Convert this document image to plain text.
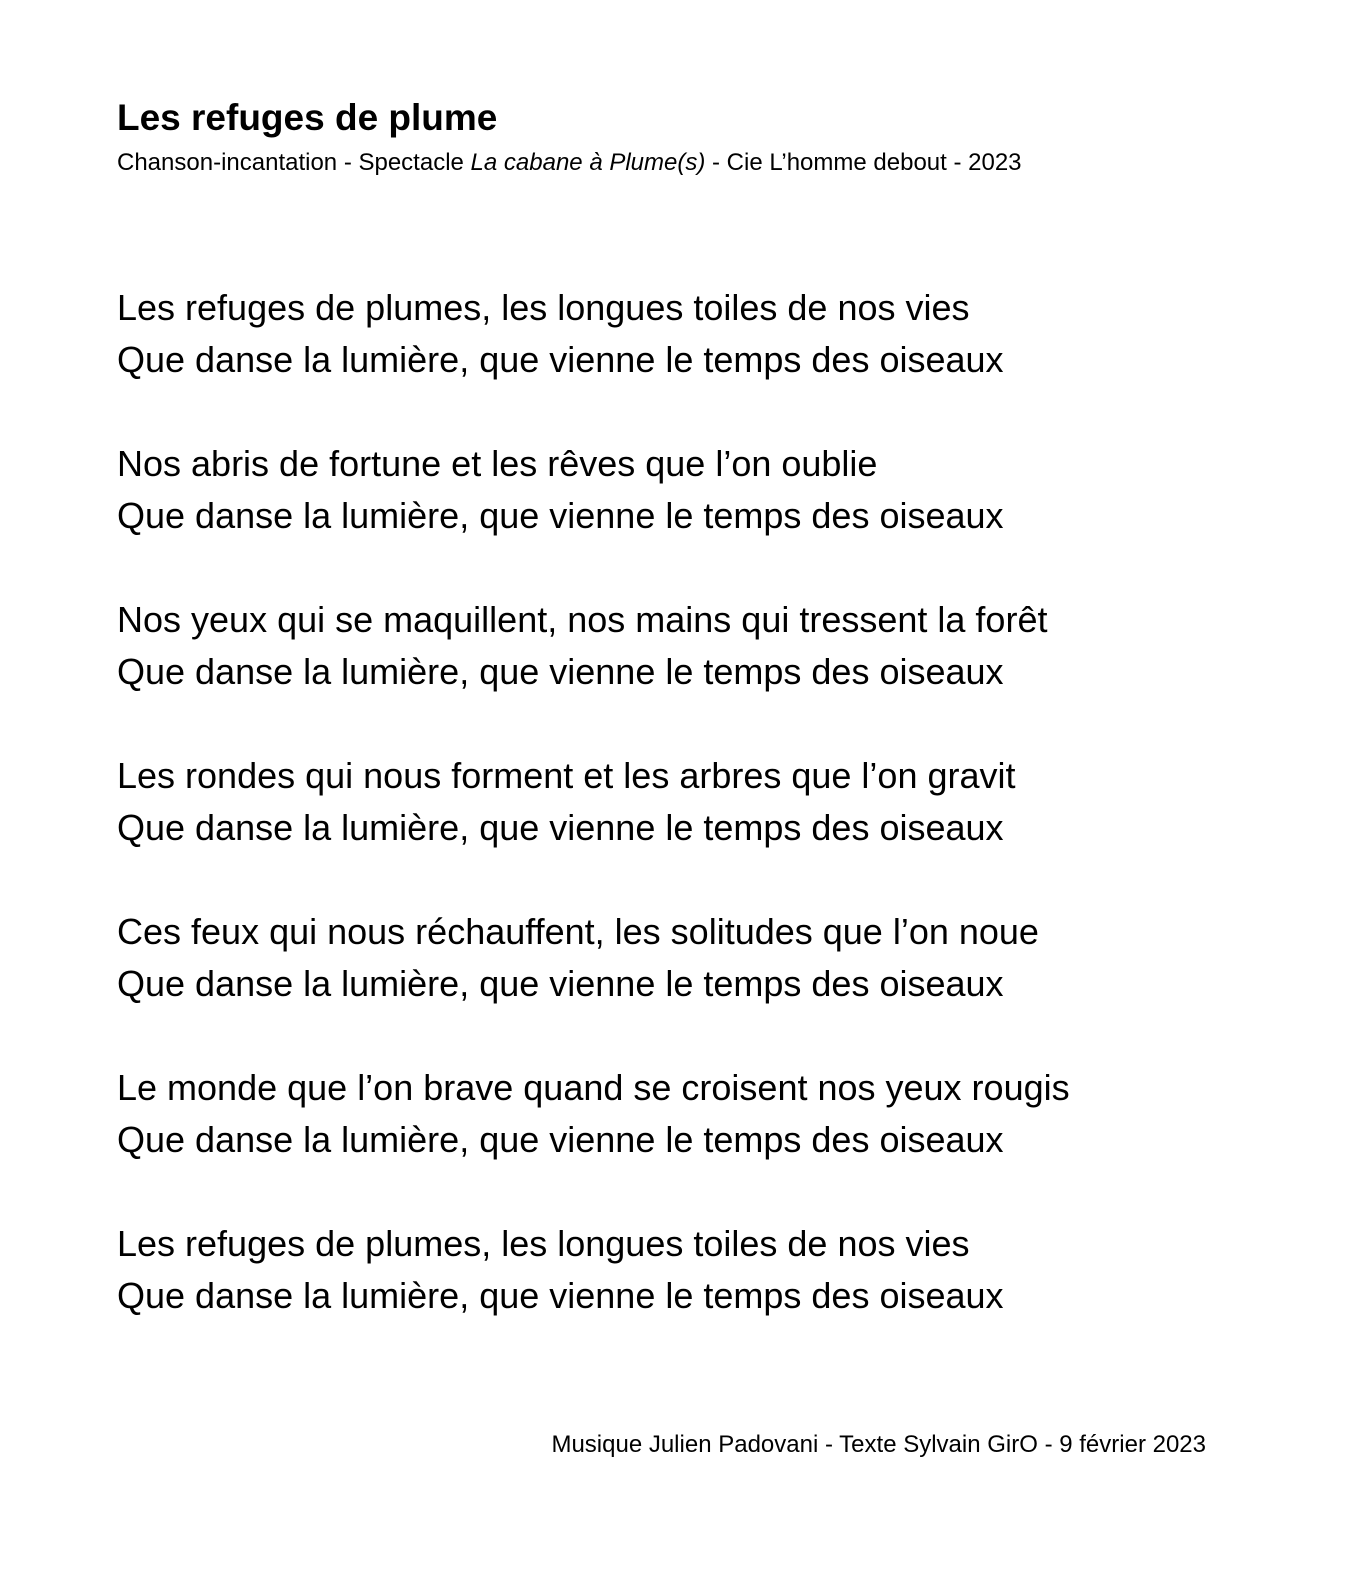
Les refuges de plume

Chanson-incantation - Spectacle La cabane à Plume(s) - Cie L’homme debout - 2023

Les refuges de plumes, les longues toiles de nos vies
Que danse la lumière, que vienne le temps des oiseaux

Nos abris de fortune et les rêves que l’on oublie
Que danse la lumière, que vienne le temps des oiseaux

Nos yeux qui se maquillent, nos mains qui tressent la forêt
Que danse la lumière, que vienne le temps des oiseaux

Les rondes qui nous forment et les arbres que l’on gravit
Que danse la lumière, que vienne le temps des oiseaux

Ces feux qui nous réchauffent, les solitudes que l’on noue
Que danse la lumière, que vienne le temps des oiseaux

Le monde que l’on brave quand se croisent nos yeux rougis
Que danse la lumière, que vienne le temps des oiseaux

Les refuges de plumes, les longues toiles de nos vies
Que danse la lumière, que vienne le temps des oiseaux

Musique Julien Padovani - Texte Sylvain GirO - 9 février 2023
